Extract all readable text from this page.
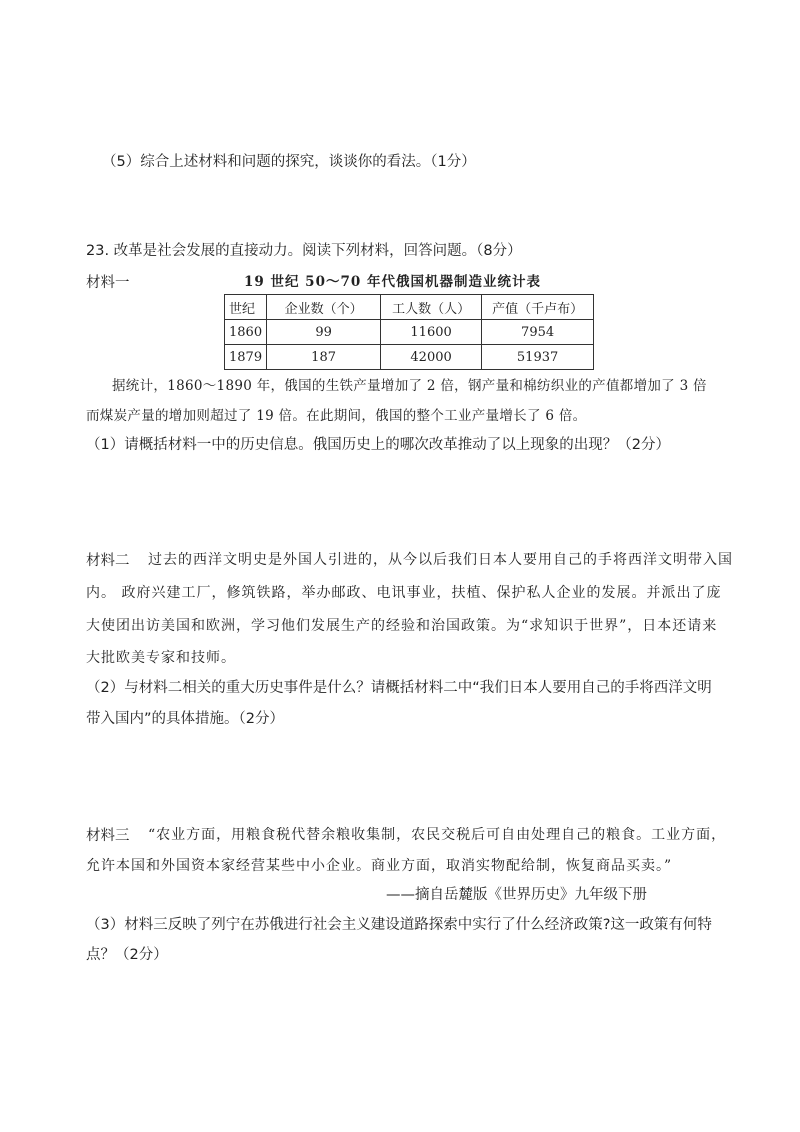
（5）综合上述材料和问题的探究，谈谈你的看法。（1分）
23. 改革是社会发展的直接动力。阅读下列材料，回答问题。（8分）
材料一	19 世纪 50～70 年代俄国机器制造业统计表
世纪	企业数（个）	工人数（人）	产值（千卢布）
1860	99	11600	7954
1879	187	42000	51937
据统计，1860～1890 年，俄国的生铁产量增加了 2 倍，钢产量和棉纺织业的产值都增加了 3 倍
而煤炭产量的增加则超过了 19 倍。在此期间，俄国的整个工业产量增长了 6 倍。
（1）请概括材料一中的历史信息。俄国历史上的哪次改革推动了以上现象的出现？（2分）
材料二 过去的西洋文明史是外国人引进的，从今以后我们日本人要用自己的手将西洋文明带入国
内。 政府兴建工厂，修筑铁路，举办邮政、电讯事业，扶植、保护私人企业的发展。并派出了庞
大使团出访美国和欧洲，学习他们发展生产的经验和治国政策。为“求知识于世界”，日本还请来
大批欧美专家和技师。
（2）与材料二相关的重大历史事件是什么？请概括材料二中“我们日本人要用自己的手将西洋文明
带入国内”的具体措施。（2分）
材料三 “农业方面，用粮食税代替余粮收集制，农民交税后可自由处理自己的粮食。工业方面，
允许本国和外国资本家经营某些中小企业。商业方面，取消实物配给制，恢复商品买卖。”
——摘自岳麓版《世界历史》九年级下册
（3）材料三反映了列宁在苏俄进行社会主义建设道路探索中实行了什么经济政策?这一政策有何特
点？（2分）
